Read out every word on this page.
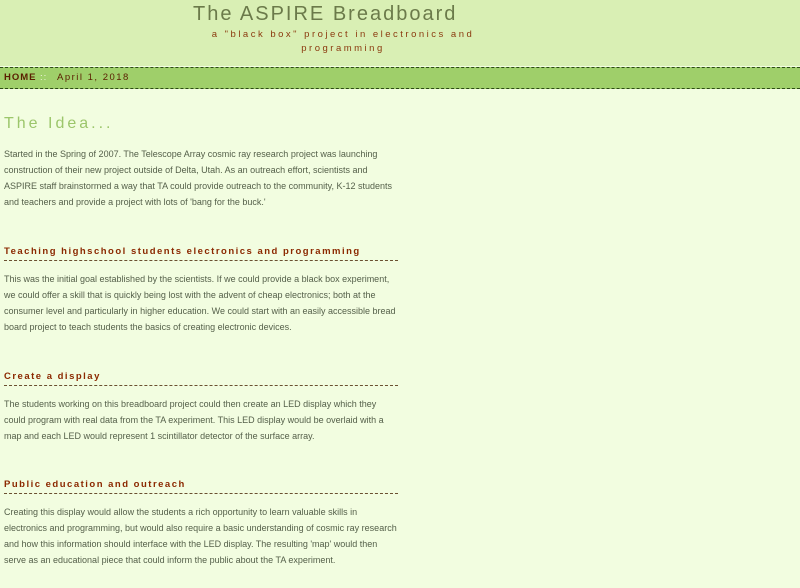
The ASPIRE Breadboard
a "black box" project in electronics and programming
HOME :: April 1, 2018
The Idea...

Started in the Spring of 2007. The Telescope Array cosmic ray research project was launching construction of their new project outside of Delta, Utah. As an outreach effort, scientists and ASPIRE staff brainstormed a way that TA could provide outreach to the community, K-12 students and teachers and provide a project with lots of 'bang for the buck.'

Teaching highschool students electronics and programming

This was the initial goal established by the scientists. If we could provide a black box experiment, we could offer a skill that is quickly being lost with the advent of cheap electronics; both at the consumer level and particularly in higher education. We could start with an easily accessible bread board project to teach students the basics of creating electronic devices.

Create a display

The students working on this breadboard project could then create an LED display which they could program with real data from the TA experiment. This LED display would be overlaid with a map and each LED would represent 1 scintillator detector of the surface array.

Public education and outreach

Creating this display would allow the students a rich opportunity to learn valuable skills in electronics and programming, but would also require a basic understanding of cosmic ray research and how this information should interface with the LED display. The resulting 'map' would then serve as an educational piece that could inform the public about the TA experiment.
